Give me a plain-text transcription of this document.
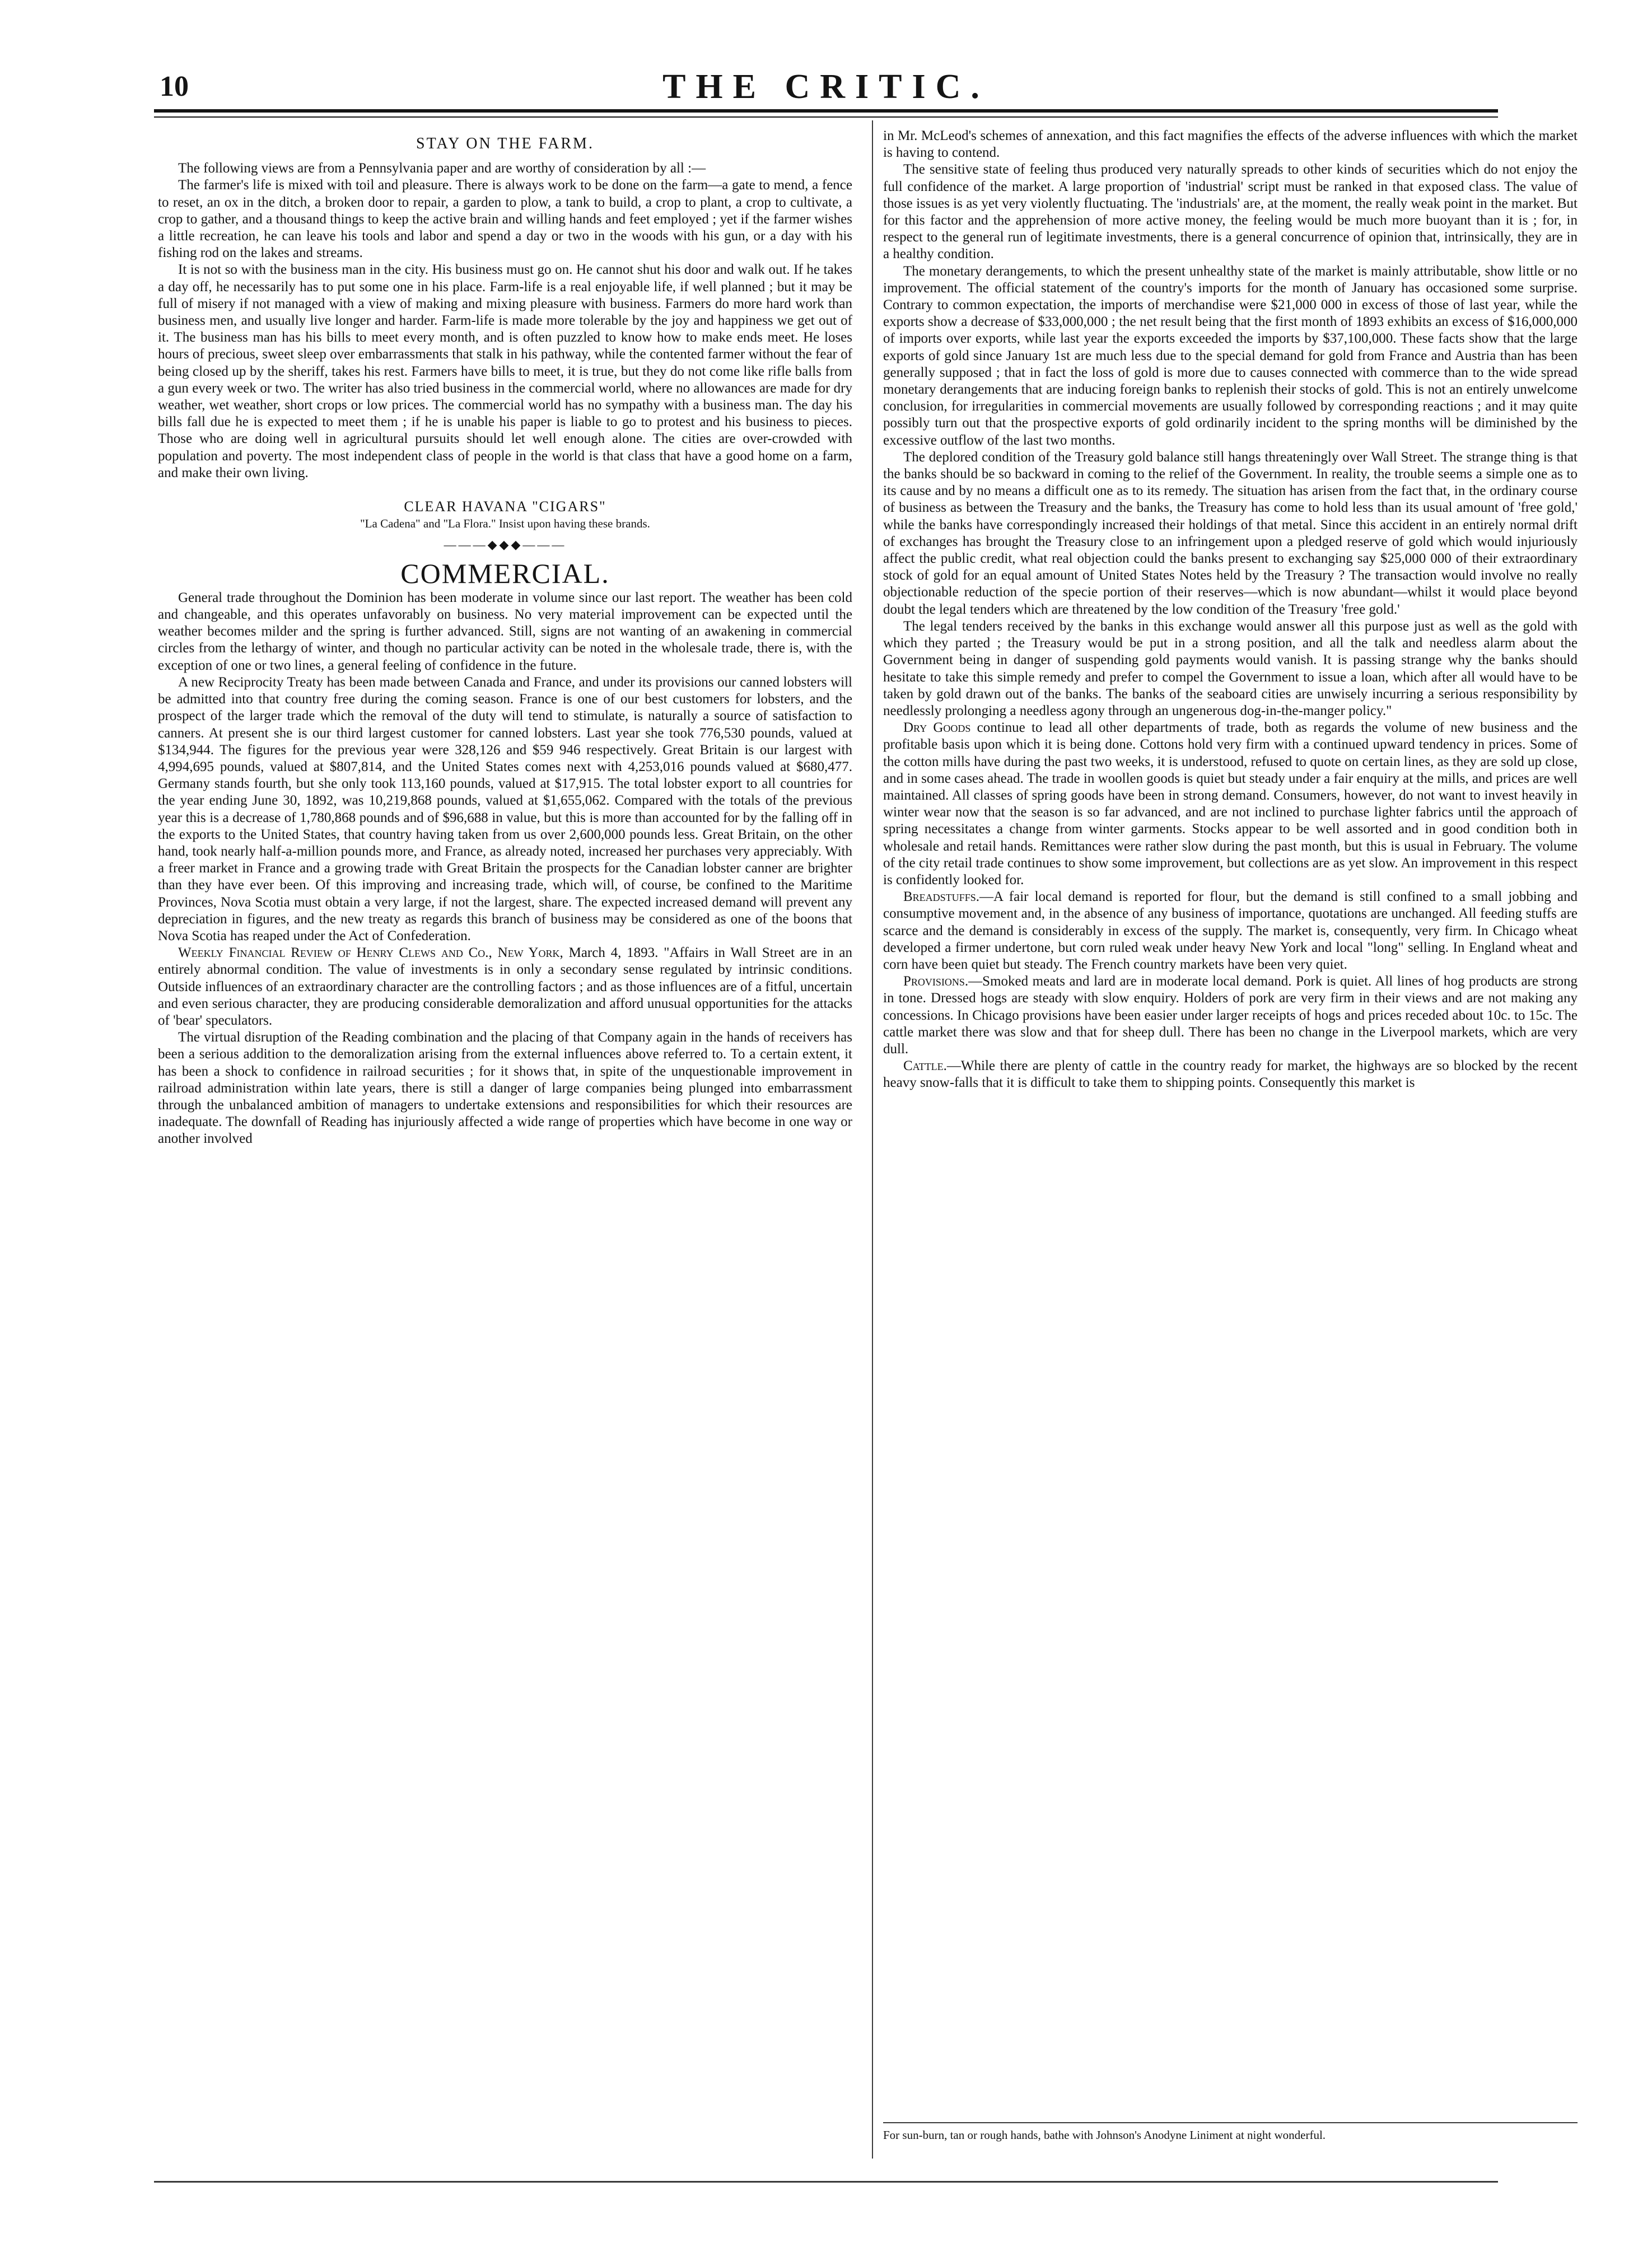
10	THE CRITIC.
STAY ON THE FARM.

The following views are from a Pennsylvania paper and are worthy of consideration by all :—

The farmer's life is mixed with toil and pleasure. There is always work to be done on the farm—a gate to mend, a fence to reset, an ox in the ditch, a broken door to repair, a garden to plow, a tank to build, a crop to plant, a crop to cultivate, a crop to gather, and a thousand things to keep the active brain and willing hands and feet employed ; yet if the farmer wishes a little recreation, he can leave his tools and labor and spend a day or two in the woods with his gun, or a day with his fishing rod on the lakes and streams.

It is not so with the business man in the city. His business must go on. He cannot shut his door and walk out. If he takes a day off, he necessarily has to put some one in his place. Farm-life is a real enjoyable life, if well planned ; but it may be full of misery if not managed with a view of making and mixing pleasure with business. Farmers do more hard work than business men, and usually live longer and harder. Farm-life is made more tolerable by the joy and happiness we get out of it. The business man has his bills to meet every month, and is often puzzled to know how to make ends meet. He loses hours of precious, sweet sleep over embarrassments that stalk in his pathway, while the contented farmer without the fear of being closed up by the sheriff, takes his rest. Farmers have bills to meet, it is true, but they do not come like rifle balls from a gun every week or two. The writer has also tried business in the commercial world, where no allowances are made for dry weather, wet weather, short crops or low prices. The commercial world has no sympathy with a business man. The day his bills fall due he is expected to meet them ; if he is unable his paper is liable to go to protest and his business to pieces. Those who are doing well in agricultural pursuits should let well enough alone. The cities are over-crowded with population and poverty. The most independent class of people in the world is that class that have a good home on a farm, and make their own living.

CLEAR HAVANA "CIGARS"
"La Cadena" and "La Flora." Insist upon having these brands.
———◆◆◆———
COMMERCIAL.

General trade throughout the Dominion has been moderate in volume since our last report. The weather has been cold and changeable, and this operates unfavorably on business. No very material improvement can be expected until the weather becomes milder and the spring is further advanced. Still, signs are not wanting of an awakening in commercial circles from the lethargy of winter, and though no particular activity can be noted in the wholesale trade, there is, with the exception of one or two lines, a general feeling of confidence in the future.

A new Reciprocity Treaty has been made between Canada and France, and under its provisions our canned lobsters will be admitted into that country free during the coming season. France is one of our best customers for lobsters, and the prospect of the larger trade which the removal of the duty will tend to stimulate, is naturally a source of satisfaction to canners. At present she is our third largest customer for canned lobsters. Last year she took 776,530 pounds, valued at $134,944. The figures for the previous year were 328,126 and $59 946 respectively. Great Britain is our largest with 4,994,695 pounds, valued at $807,814, and the United States comes next with 4,253,016 pounds valued at $680,477. Germany stands fourth, but she only took 113,160 pounds, valued at $17,915. The total lobster export to all countries for the year ending June 30, 1892, was 10,219,868 pounds, valued at $1,655,062. Compared with the totals of the previous year this is a decrease of 1,780,868 pounds and of $96,688 in value, but this is more than accounted for by the falling off in the exports to the United States, that country having taken from us over 2,600,000 pounds less. Great Britain, on the other hand, took nearly half-a-million pounds more, and France, as already noted, increased her purchases very appreciably. With a freer market in France and a growing trade with Great Britain the prospects for the Canadian lobster canner are brighter than they have ever been. Of this improving and increasing trade, which will, of course, be confined to the Maritime Provinces, Nova Scotia must obtain a very large, if not the largest, share. The expected increased demand will prevent any depreciation in figures, and the new treaty as regards this branch of business may be considered as one of the boons that Nova Scotia has reaped under the Act of Confederation.

Weekly Financial Review of Henry Clews and Co., New York, March 4, 1893. "Affairs in Wall Street are in an entirely abnormal condition. The value of investments is in only a secondary sense regulated by intrinsic conditions. Outside influences of an extraordinary character are the controlling factors ; and as those influences are of a fitful, uncertain and even serious character, they are producing considerable demoralization and afford unusual opportunities for the attacks of 'bear' speculators.

The virtual disruption of the Reading combination and the placing of that Company again in the hands of receivers has been a serious addition to the demoralization arising from the external influences above referred to. To a certain extent, it has been a shock to confidence in railroad securities ; for it shows that, in spite of the unquestionable improvement in railroad administration within late years, there is still a danger of large companies being plunged into embarrassment through the unbalanced ambition of managers to undertake extensions and responsibilities for which their resources are inadequate. The downfall of Reading has injuriously affected a wide range of properties which have become in one way or another involved

in Mr. McLeod's schemes of annexation, and this fact magnifies the effects of the adverse influences with which the market is having to contend.

The sensitive state of feeling thus produced very naturally spreads to other kinds of securities which do not enjoy the full confidence of the market. A large proportion of 'industrial' script must be ranked in that exposed class. The value of those issues is as yet very violently fluctuating. The 'industrials' are, at the moment, the really weak point in the market. But for this factor and the apprehension of more active money, the feeling would be much more buoyant than it is ; for, in respect to the general run of legitimate investments, there is a general concurrence of opinion that, intrinsically, they are in a healthy condition.

The monetary derangements, to which the present unhealthy state of the market is mainly attributable, show little or no improvement. The official statement of the country's imports for the month of January has occasioned some surprise. Contrary to common expectation, the imports of merchandise were $21,000 000 in excess of those of last year, while the exports show a decrease of $33,000,000 ; the net result being that the first month of 1893 exhibits an excess of $16,000,000 of imports over exports, while last year the exports exceeded the imports by $37,100,000. These facts show that the large exports of gold since January 1st are much less due to the special demand for gold from France and Austria than has been generally supposed ; that in fact the loss of gold is more due to causes connected with commerce than to the wide spread monetary derangements that are inducing foreign banks to replenish their stocks of gold. This is not an entirely unwelcome conclusion, for irregularities in commercial movements are usually followed by corresponding reactions ; and it may quite possibly turn out that the prospective exports of gold ordinarily incident to the spring months will be diminished by the excessive outflow of the last two months.

The deplored condition of the Treasury gold balance still hangs threateningly over Wall Street. The strange thing is that the banks should be so backward in coming to the relief of the Government. In reality, the trouble seems a simple one as to its cause and by no means a difficult one as to its remedy. The situation has arisen from the fact that, in the ordinary course of business as between the Treasury and the banks, the Treasury has come to hold less than its usual amount of 'free gold,' while the banks have correspondingly increased their holdings of that metal. Since this accident in an entirely normal drift of exchanges has brought the Treasury close to an infringement upon a pledged reserve of gold which would injuriously affect the public credit, what real objection could the banks present to exchanging say $25,000 000 of their extraordinary stock of gold for an equal amount of United States Notes held by the Treasury ? The transaction would involve no really objectionable reduction of the specie portion of their reserves—which is now abundant—whilst it would place beyond doubt the legal tenders which are threatened by the low condition of the Treasury 'free gold.'

The legal tenders received by the banks in this exchange would answer all this purpose just as well as the gold with which they parted ; the Treasury would be put in a strong position, and all the talk and needless alarm about the Government being in danger of suspending gold payments would vanish. It is passing strange why the banks should hesitate to take this simple remedy and prefer to compel the Government to issue a loan, which after all would have to be taken by gold drawn out of the banks. The banks of the seaboard cities are unwisely incurring a serious responsibility by needlessly prolonging a needless agony through an ungenerous dog-in-the-manger policy."

Dry Goods continue to lead all other departments of trade, both as regards the volume of new business and the profitable basis upon which it is being done. Cottons hold very firm with a continued upward tendency in prices. Some of the cotton mills have during the past two weeks, it is understood, refused to quote on certain lines, as they are sold up close, and in some cases ahead. The trade in woollen goods is quiet but steady under a fair enquiry at the mills, and prices are well maintained. All classes of spring goods have been in strong demand. Consumers, however, do not want to invest heavily in winter wear now that the season is so far advanced, and are not inclined to purchase lighter fabrics until the approach of spring necessitates a change from winter garments. Stocks appear to be well assorted and in good condition both in wholesale and retail hands. Remittances were rather slow during the past month, but this is usual in February. The volume of the city retail trade continues to show some improvement, but collections are as yet slow. An improvement in this respect is confidently looked for.

Breadstuffs.—A fair local demand is reported for flour, but the demand is still confined to a small jobbing and consumptive movement and, in the absence of any business of importance, quotations are unchanged. All feeding stuffs are scarce and the demand is considerably in excess of the supply. The market is, consequently, very firm. In Chicago wheat developed a firmer undertone, but corn ruled weak under heavy New York and local "long" selling. In England wheat and corn have been quiet but steady. The French country markets have been very quiet.

Provisions.—Smoked meats and lard are in moderate local demand. Pork is quiet. All lines of hog products are strong in tone. Dressed hogs are steady with slow enquiry. Holders of pork are very firm in their views and are not making any concessions. In Chicago provisions have been easier under larger receipts of hogs and prices receded about 10c. to 15c. The cattle market there was slow and that for sheep dull. There has been no change in the Liverpool markets, which are very dull.

Cattle.—While there are plenty of cattle in the country ready for market, the highways are so blocked by the recent heavy snow-falls that it is difficult to take them to shipping points. Consequently this market is

For sun-burn, tan or rough hands, bathe with Johnson's Anodyne Liniment at night wonderful.
